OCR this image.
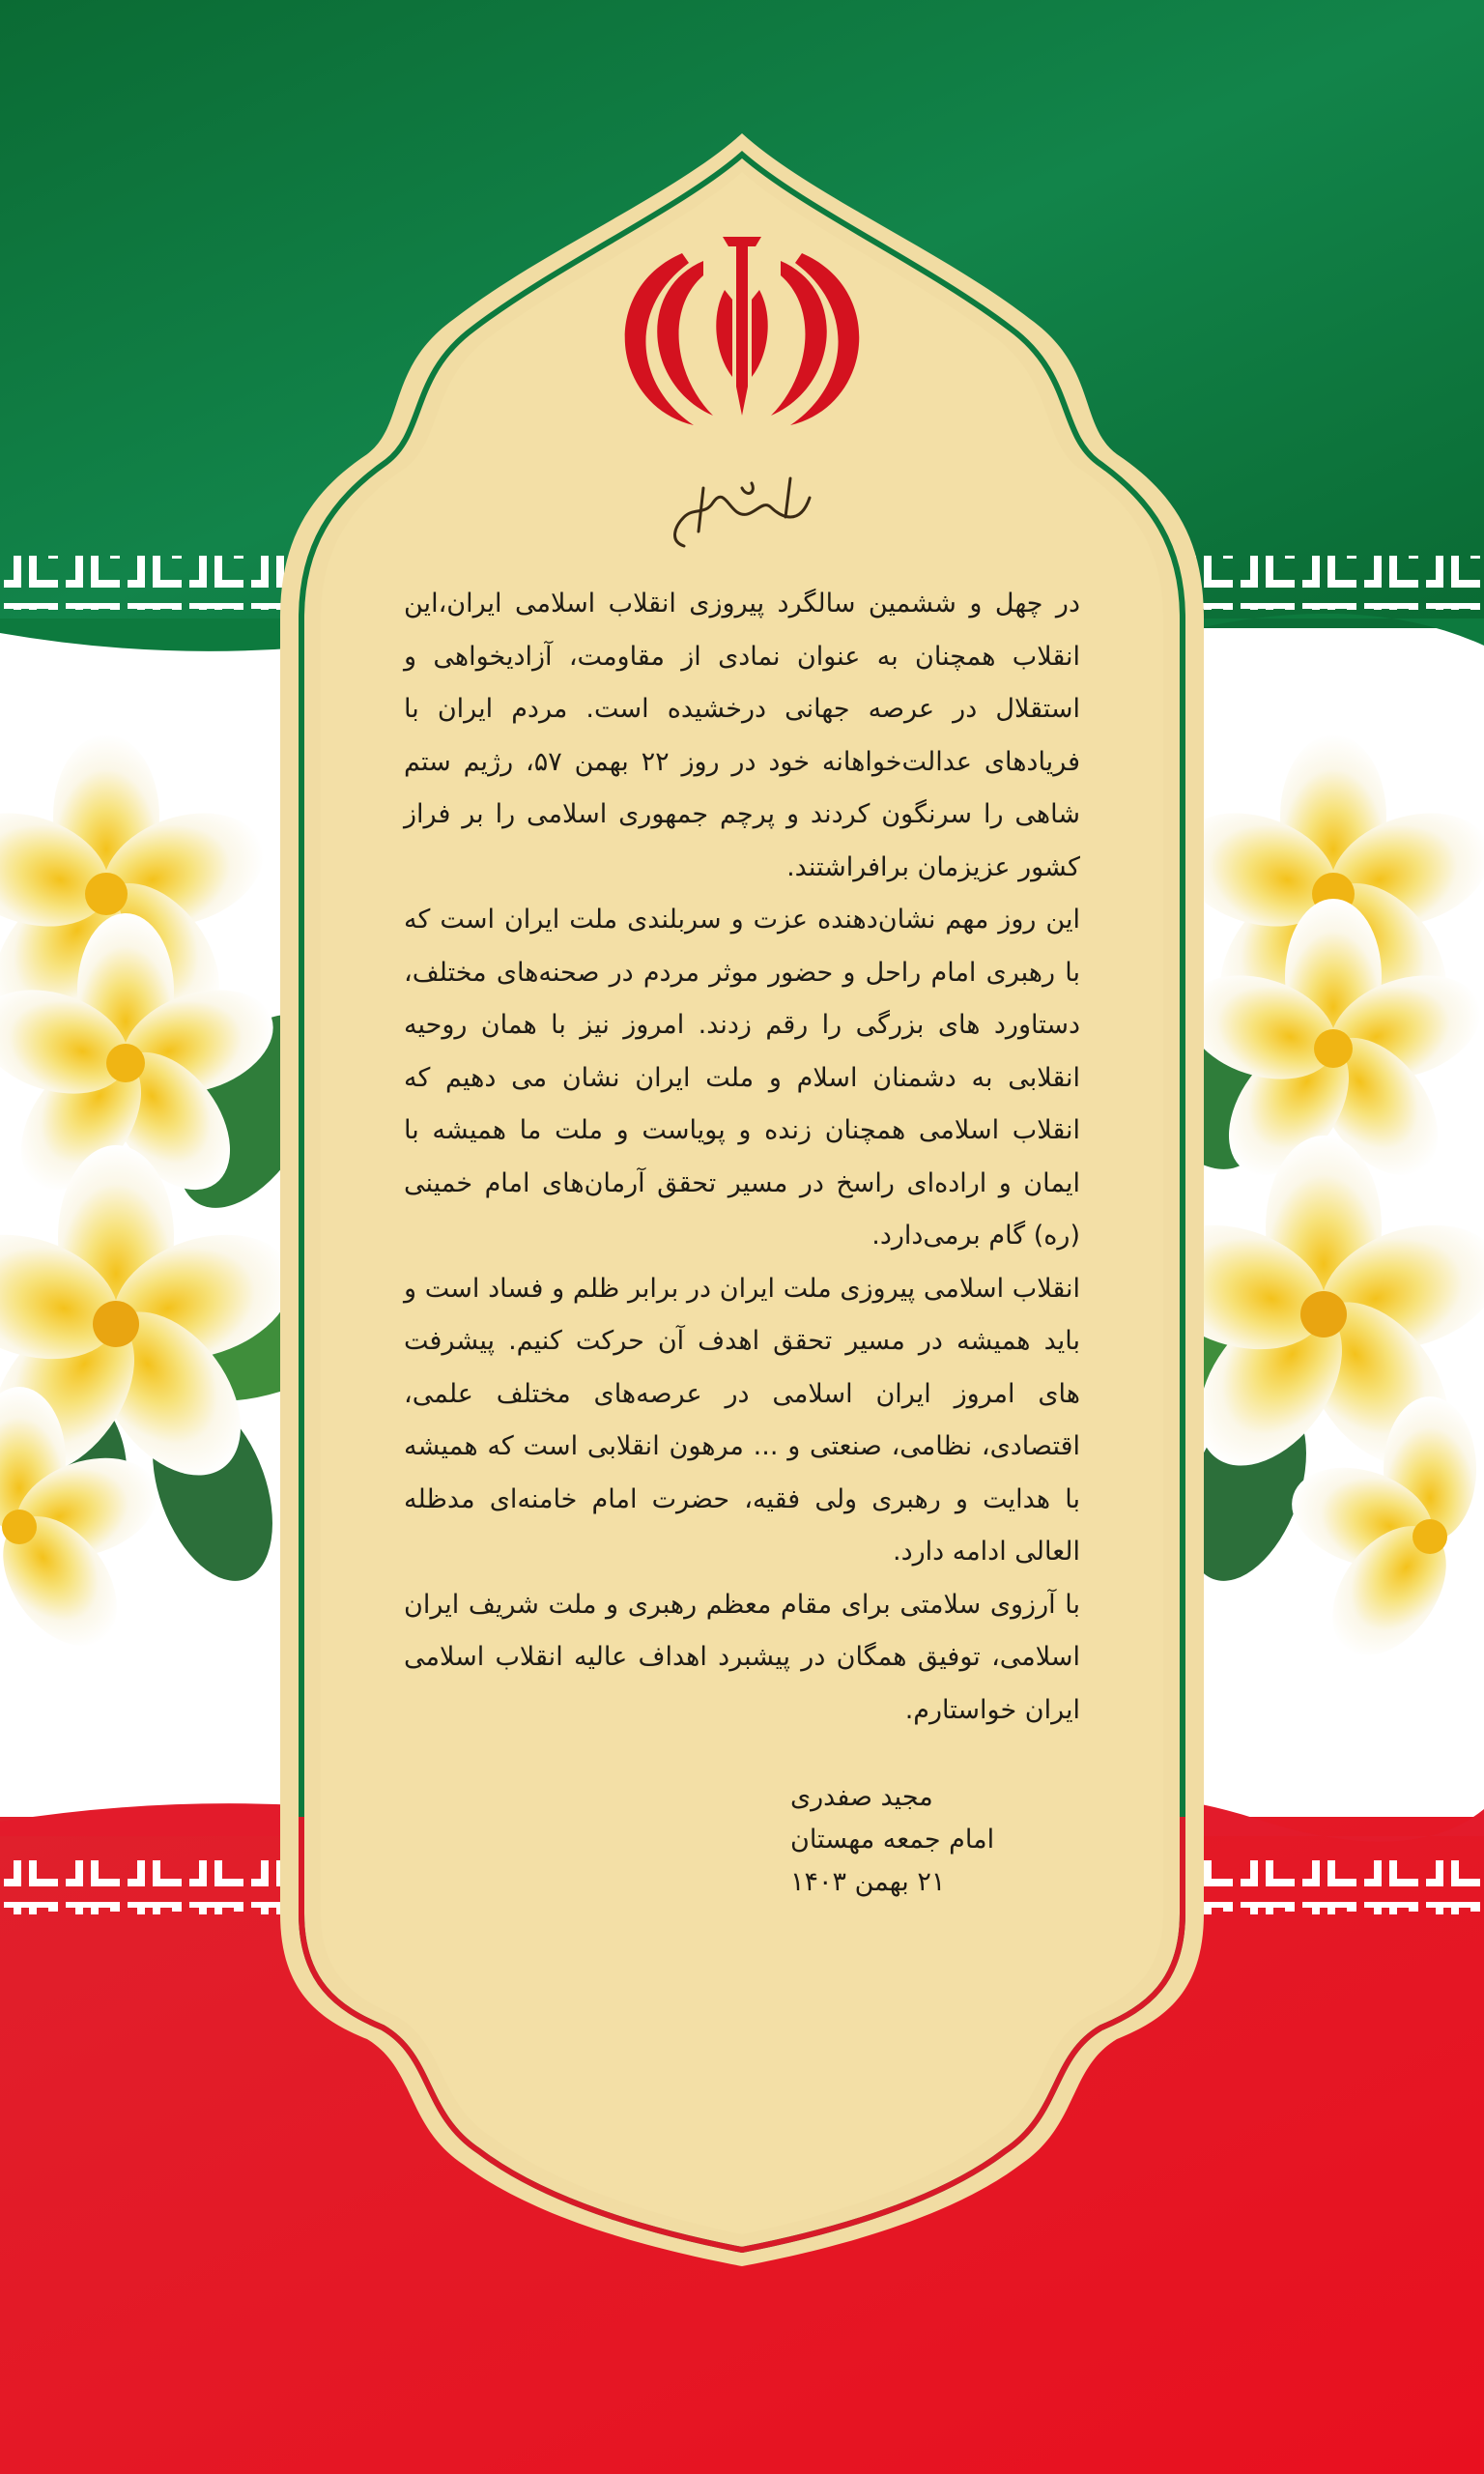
در چهل و ششمین سالگرد پیروزی انقلاب اسلامی ایران،این انقلاب همچنان به عنوان نمادی از مقاومت، آزادیخواهی و استقلال در عرصه جهانی درخشیده است. مردم ایران با فریادهای عدالت‌خواهانه خود در روز ۲۲ بهمن ۵۷، رژیم ستم شاهی را سرنگون کردند و پرچم جمهوری اسلامی را بر فراز کشور عزیزمان برافراشتند.

این روز مهم نشان‌دهنده عزت و سربلندی ملت ایران است که با رهبری امام راحل و حضور موثر مردم در صحنه‌های مختلف، دستاورد های بزرگی را رقم زدند. امروز نیز با همان روحیه انقلابی به دشمنان اسلام و ملت ایران نشان می دهیم که انقلاب اسلامی همچنان زنده و پویاست و ملت ما همیشه با ایمان و اراده‌ای راسخ در مسیر تحقق آرمان‌های امام خمینی (ره) گام برمی‌دارد.

انقلاب اسلامی پیروزی ملت ایران در برابر ظلم و فساد است و باید همیشه در مسیر تحقق اهدف آن حرکت کنیم. پیشرفت های امروز ایران اسلامی در عرصه‌های مختلف علمی، اقتصادی، نظامی، صنعتی و ... مرهون انقلابی است که همیشه با هدایت و رهبری ولی فقیه، حضرت امام خامنه‌ای مدظله العالی ادامه دارد.

با آرزوی سلامتی برای مقام معظم رهبری و ملت شریف ایران اسلامی، توفیق همگان در پیشبرد اهداف عالیه انقلاب اسلامی ایران خواستارم.

مجید صفدری
امام جمعه مهستان
۲۱ بهمن ۱۴۰۳
